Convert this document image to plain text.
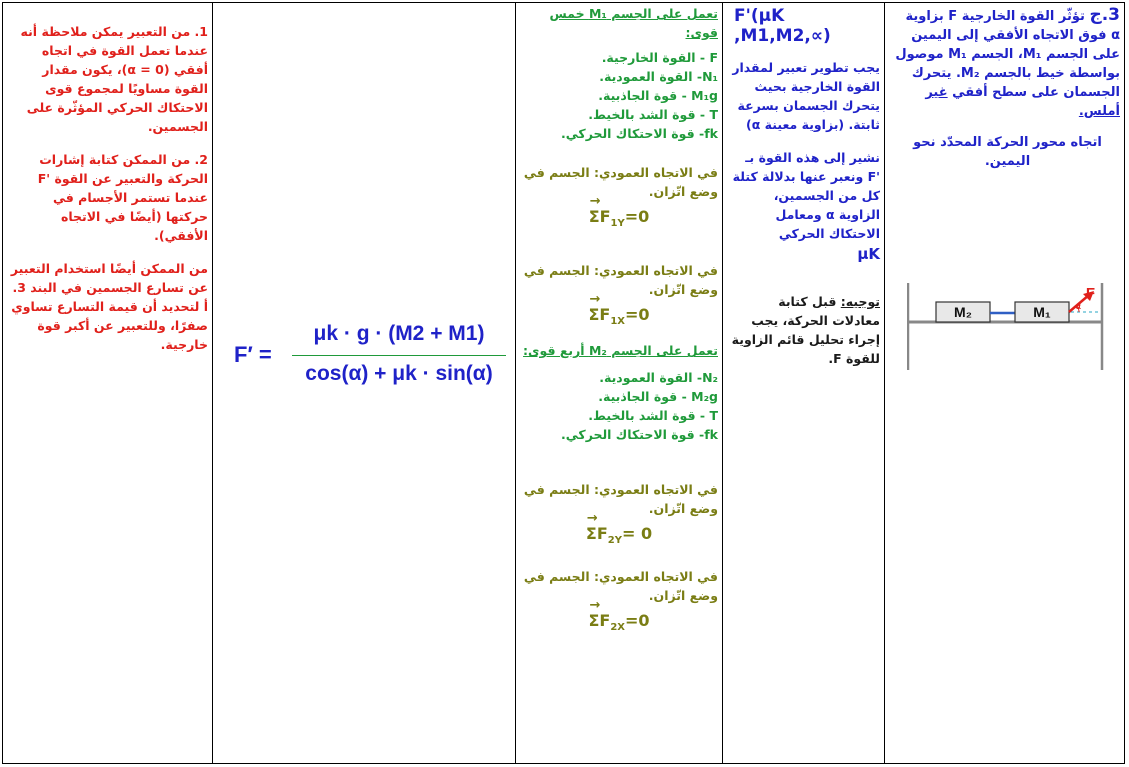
3.ج تؤثّر القوة الخارجية F بزاوية α فوق الاتجاه الأفقي إلى اليمين على الجسم M₁، الجسم M₁ موصول بواسطة خيط بالجسم M₂. يتحرك الجسمان على سطح أفقي غير أملس.

اتجاه محور الحركة المحدّد نحو اليمين.

M₂	M₁	α
F
F'(μK ,M1,M2,∝)

يجب تطوير تعبير لمقدار القوة الخارجية بحيث يتحرك الجسمان بسرعة ثابتة. (بزاوية معينة α)

نشير إلى هذه القوة بـ 'F ونعبر عنها بدلالة كتلة كل من الجسمين، الزاوية α ومعامل الاحتكاك الحركي

μK

توجيه: قبل كتابة معادلات الحركة، يجب إجراء تحليل قائم الزاوية للقوة F.

تعمل على الجسم M₁ خمس قوى:

F - القوة الخارجية.

N₁- القوة العمودية.

M₁g - قوة الجاذبية.

T - قوة الشد بالخيط.

fk- قوة الاحتكاك الحركي.

في الاتجاه العمودي: الجسم في وضع اتّزان.

→ $\Sigma F_{1Y}=0$

في الاتجاه العمودي: الجسم في وضع اتّزان.

→ $\Sigma F_{1X}=0$

تعمل على الجسم M₂ أربع قوى:

N₂- القوة العمودية.

M₂g - قوة الجاذبية.

T - قوة الشد بالخيط.

fk- قوة الاحتكاك الحركي.

في الاتجاه العمودي: الجسم في وضع اتّزان.

→ $\Sigma F_{2Y}= 0$

في الاتجاه العمودي: الجسم في وضع اتّزان.

→ $\Sigma F_{2X}=0$
F′ =
μk · g · (M2 + M1)
cos(α) + μk · sin(α)

1. من التعبير يمكن ملاحظة أنه عندما تعمل القوة في اتجاه أفقي (α = 0)، يكون مقدار القوة مساويًا لمجموع قوى الاحتكاك الحركي المؤثّرة على الجسمين.

2. من الممكن كتابة إشارات الحركة والتعبير عن القوة 'F عندما تستمر الأجسام في حركتها (أيضًا في الاتجاه الأفقي).

من الممكن أيضًا استخدام التعبير عن تسارع الجسمين في البند 3. أ لتحديد أن قيمة التسارع تساوي صفرًا، وللتعبير عن أكبر قوة خارجية.
